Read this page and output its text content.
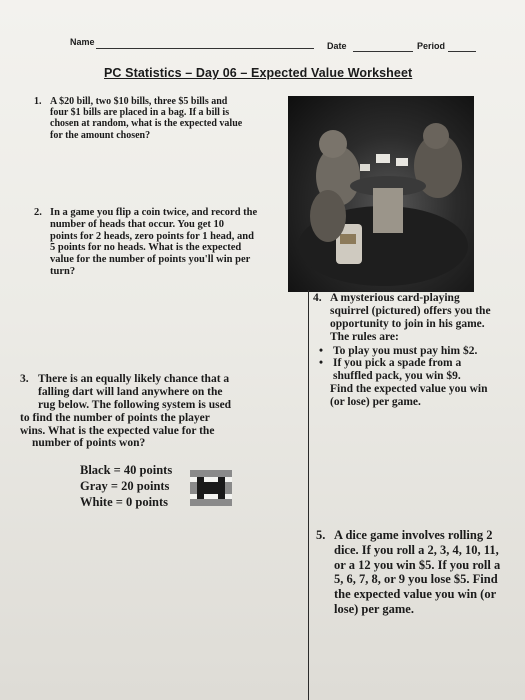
Name	Date	Period
PC Statistics – Day 06 – Expected Value Worksheet
1. A $20 bill, two $10 bills, three $5 bills and
four $1 bills are placed in a bag. If a bill is
chosen at random, what is the expected value
for the amount chosen?
2. In a game you flip a coin twice, and record the
number of heads that occur. You get 10
points for 2 heads, zero points for 1 head, and
5 points for no heads. What is the expected
value for the number of points you'll win per
turn?
4. A mysterious card-playing
squirrel (pictured) offers you the
opportunity to join in his game.
The rules are:
• To play you must pay him $2.
• If you pick a spade from a
shuffled pack, you win $9.
Find the expected value you win
(or lose) per game.
3. There is an equally likely chance that a
falling dart will land anywhere on the
rug below. The following system is used
to find the number of points the player
wins. What is the expected value for the
number of points won?
Black = 40 points
Gray = 20 points
White = 0 points
5. A dice game involves rolling 2
dice. If you roll a 2, 3, 4, 10, 11,
or a 12 you win $5. If you roll a
5, 6, 7, 8, or 9 you lose $5. Find
the expected value you win (or
lose) per game.
